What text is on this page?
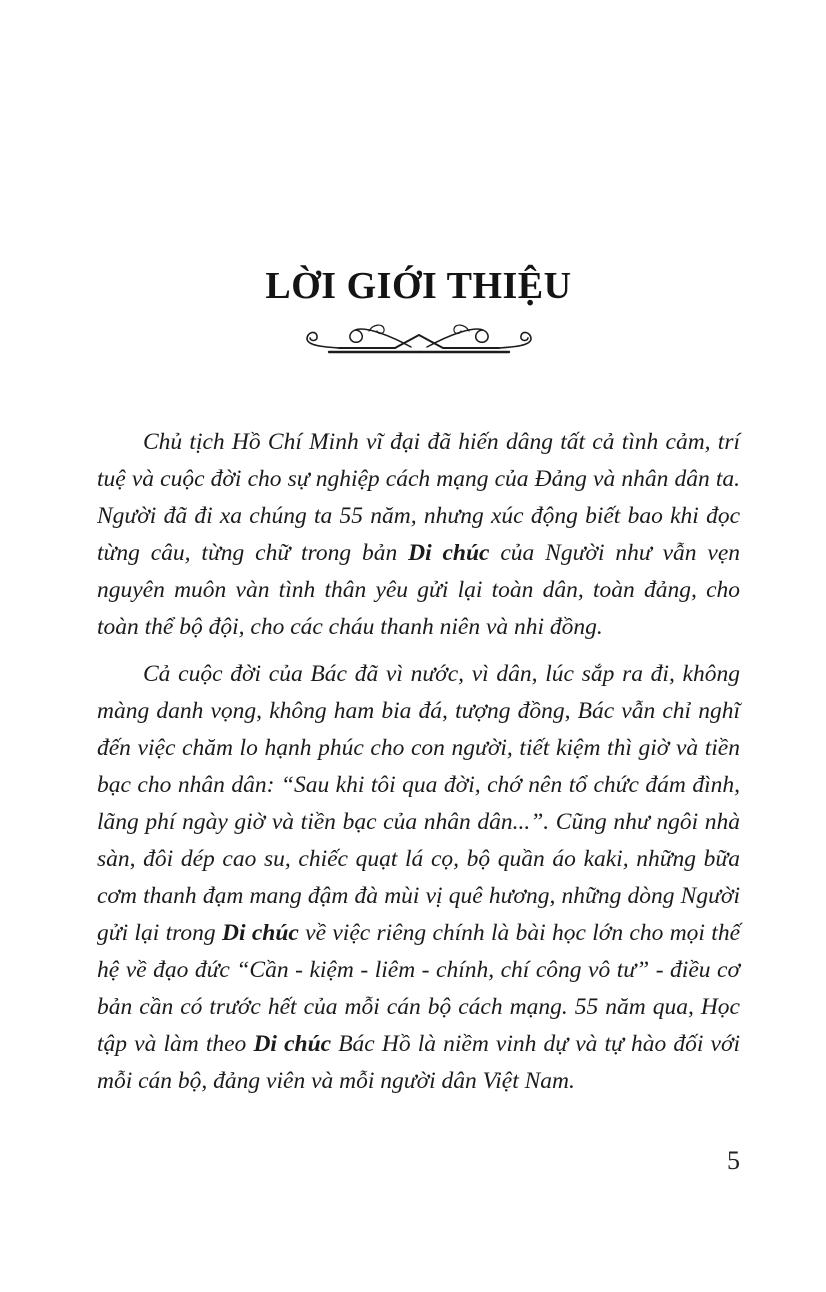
LỜI GIỚI THIỆU

Chủ tịch Hồ Chí Minh vĩ đại đã hiến dâng tất cả tình cảm, trí tuệ và cuộc đời cho sự nghiệp cách mạng của Đảng và nhân dân ta. Người đã đi xa chúng ta 55 năm, nhưng xúc động biết bao khi đọc từng câu, từng chữ trong bản Di chúc của Người như vẫn vẹn nguyên muôn vàn tình thân yêu gửi lại toàn dân, toàn đảng, cho toàn thể bộ đội, cho các cháu thanh niên và nhi đồng.

Cả cuộc đời của Bác đã vì nước, vì dân, lúc sắp ra đi, không màng danh vọng, không ham bia đá, tượng đồng, Bác vẫn chỉ nghĩ đến việc chăm lo hạnh phúc cho con người, tiết kiệm thì giờ và tiền bạc cho nhân dân: “Sau khi tôi qua đời, chớ nên tổ chức đám đình, lãng phí ngày giờ và tiền bạc của nhân dân...”. Cũng như ngôi nhà sàn, đôi dép cao su, chiếc quạt lá cọ, bộ quần áo kaki, những bữa cơm thanh đạm mang đậm đà mùi vị quê hương, những dòng Người gửi lại trong Di chúc về việc riêng chính là bài học lớn cho mọi thế hệ về đạo đức “Cần - kiệm - liêm - chính, chí công vô tư” - điều cơ bản cần có trước hết của mỗi cán bộ cách mạng. 55 năm qua, Học tập và làm theo Di chúc Bác Hồ là niềm vinh dự và tự hào đối với mỗi cán bộ, đảng viên và mỗi người dân Việt Nam.

5
